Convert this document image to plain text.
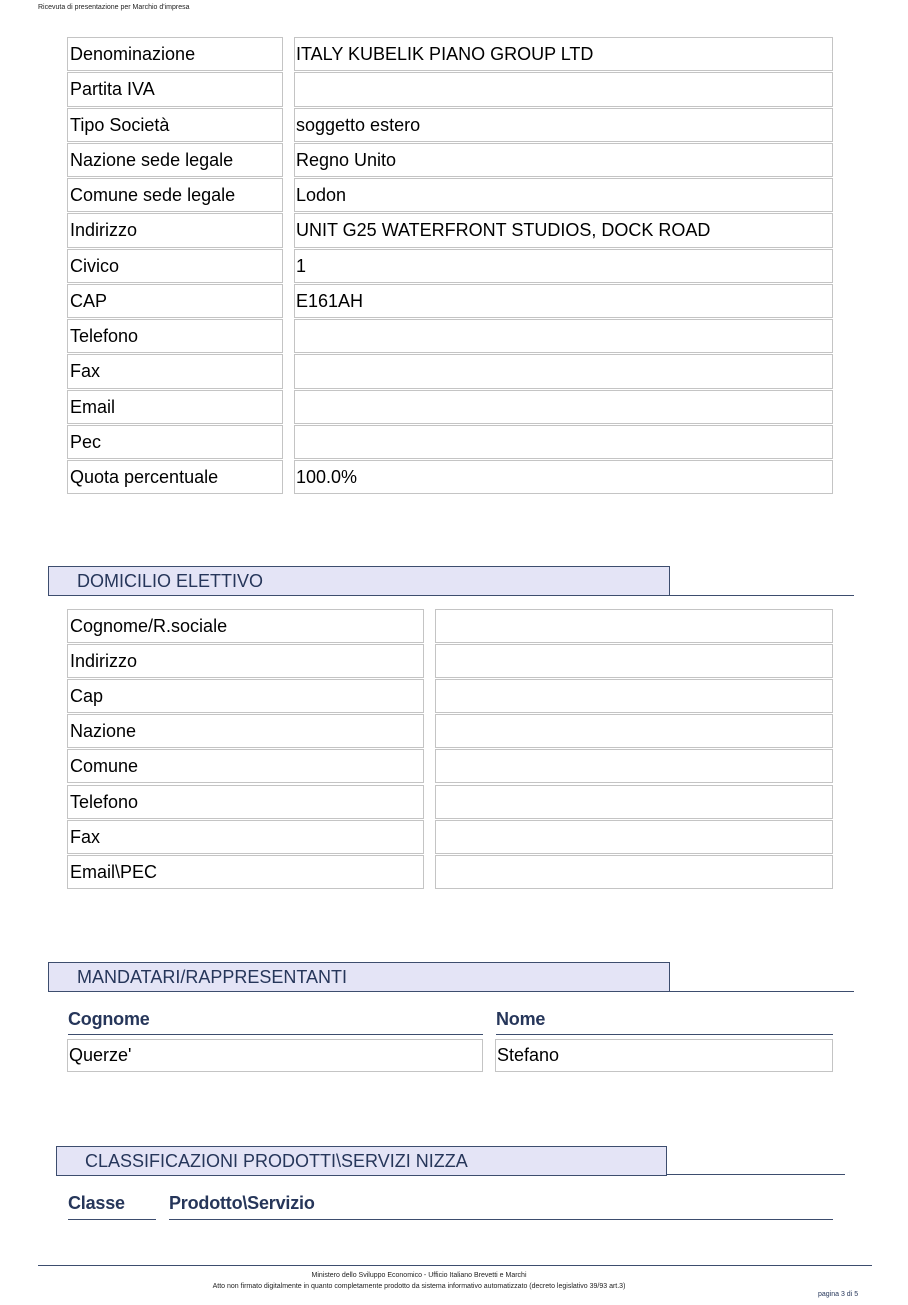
Ricevuta di presentazione per Marchio d'impresa
Denominazione	ITALY KUBELIK PIANO GROUP LTD
Partita IVA
Tipo Società	soggetto estero
Nazione sede legale	Regno Unito
Comune sede legale	Lodon
Indirizzo	UNIT G25 WATERFRONT STUDIOS, DOCK ROAD
Civico	1
CAP	E161AH
Telefono
Fax
Email
Pec
Quota percentuale	100.0%
DOMICILIO ELETTIVO
Cognome/R.sociale
Indirizzo
Cap
Nazione
Comune
Telefono
Fax
Email\PEC
MANDATARI/RAPPRESENTANTI
Cognome	Nome
Querze'	Stefano
CLASSIFICAZIONI PRODOTTI\SERVIZI NIZZA
Classe Prodotto\Servizio
Ministero dello Sviluppo Economico - Ufficio Italiano Brevetti e Marchi
Atto non firmato digitalmente in quanto completamente prodotto da sistema informativo automatizzato (decreto legislativo 39/93 art.3)
pagina 3 di 5
